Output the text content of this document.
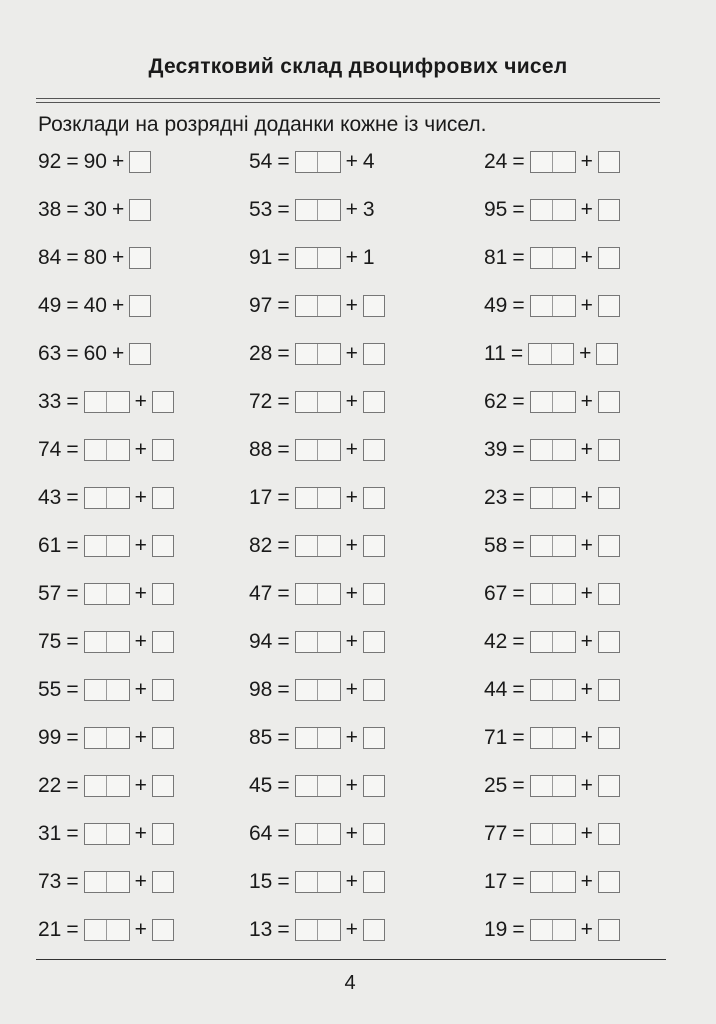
Десятковий склад двоцифрових чисел
Розклади на розрядні доданки кожне із чисел.
92 = 90 +
38 = 30 +
84 = 80 +
49 = 40 +
63 = 60 +
33 =	+
74 =	+
43 =	+
61 =	+
57 =	+
75 =	+
55 =	+
99 =	+
22 =	+
31 =	+
73 =	+
21 =	+
54 =	+ 4
53 =	+ 3
91 =	+ 1
97 =	+
28 =	+
72 =	+
88 =	+
17 =	+
82 =	+
47 =	+
94 =	+
98 =	+
85 =	+
45 =	+
64 =	+
15 =	+
13 =	+
24 =	+
95 =	+
81 =	+
49 =	+
11 =	+
62 =	+
39 =	+
23 =	+
58 =	+
67 =	+
42 =	+
44 =	+
71 =	+
25 =	+
77 =	+
17 =	+
19 =	+
4
